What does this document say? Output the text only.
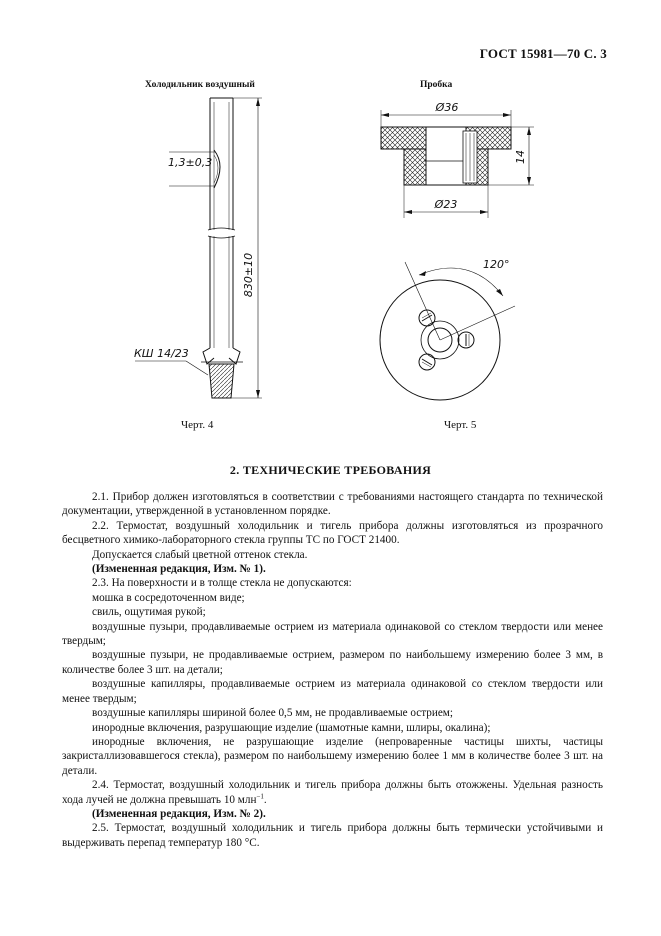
ГОСТ 15981—70 С. 3
Холодильник воздушный	Пробка
1,3±0,3
830±10
КШ 14/23
Ø36
Ø23
14
120°
Черт. 4	Черт. 5
2. ТЕХНИЧЕСКИЕ ТРЕБОВАНИЯ

2.1. Прибор должен изготовляться в соответствии с требованиями настоящего стандарта по технической документации, утвержденной в установленном порядке.

2.2. Термостат, воздушный холодильник и тигель прибора должны изготовляться из прозрачного бесцветного химико-лабораторного стекла группы ТС по ГОСТ 21400.

Допускается слабый цветной оттенок стекла.

(Измененная редакция, Изм. № 1).

2.3. На поверхности и в толще стекла не допускаются:

мошка в сосредоточенном виде;

свиль, ощутимая рукой;

воздушные пузыри, продавливаемые острием из материала одинаковой со стеклом твердости или менее твердым;

воздушные пузыри, не продавливаемые острием, размером по наибольшему измерению более 3 мм, в количестве более 3 шт. на детали;

воздушные капилляры, продавливаемые острием из материала одинаковой со стеклом твердости или менее твердым;

воздушные капилляры шириной более 0,5 мм, не продавливаемые острием;

инородные включения, разрушающие изделие (шамотные камни, шлиры, окалина);

инородные включения, не разрушающие изделие (непроваренные частицы шихты, частицы закристаллизовавшегося стекла), размером по наибольшему измерению более 1 мм в количестве более 3 шт. на детали.

2.4. Термостат, воздушный холодильник и тигель прибора должны быть отожжены. Удельная разность хода лучей не должна превышать 10 млн$^{-1}$.

(Измененная редакция, Изм. № 2).

2.5. Термостат, воздушный холодильник и тигель прибора должны быть термически устойчивыми и выдерживать перепад температур 180 °С.
